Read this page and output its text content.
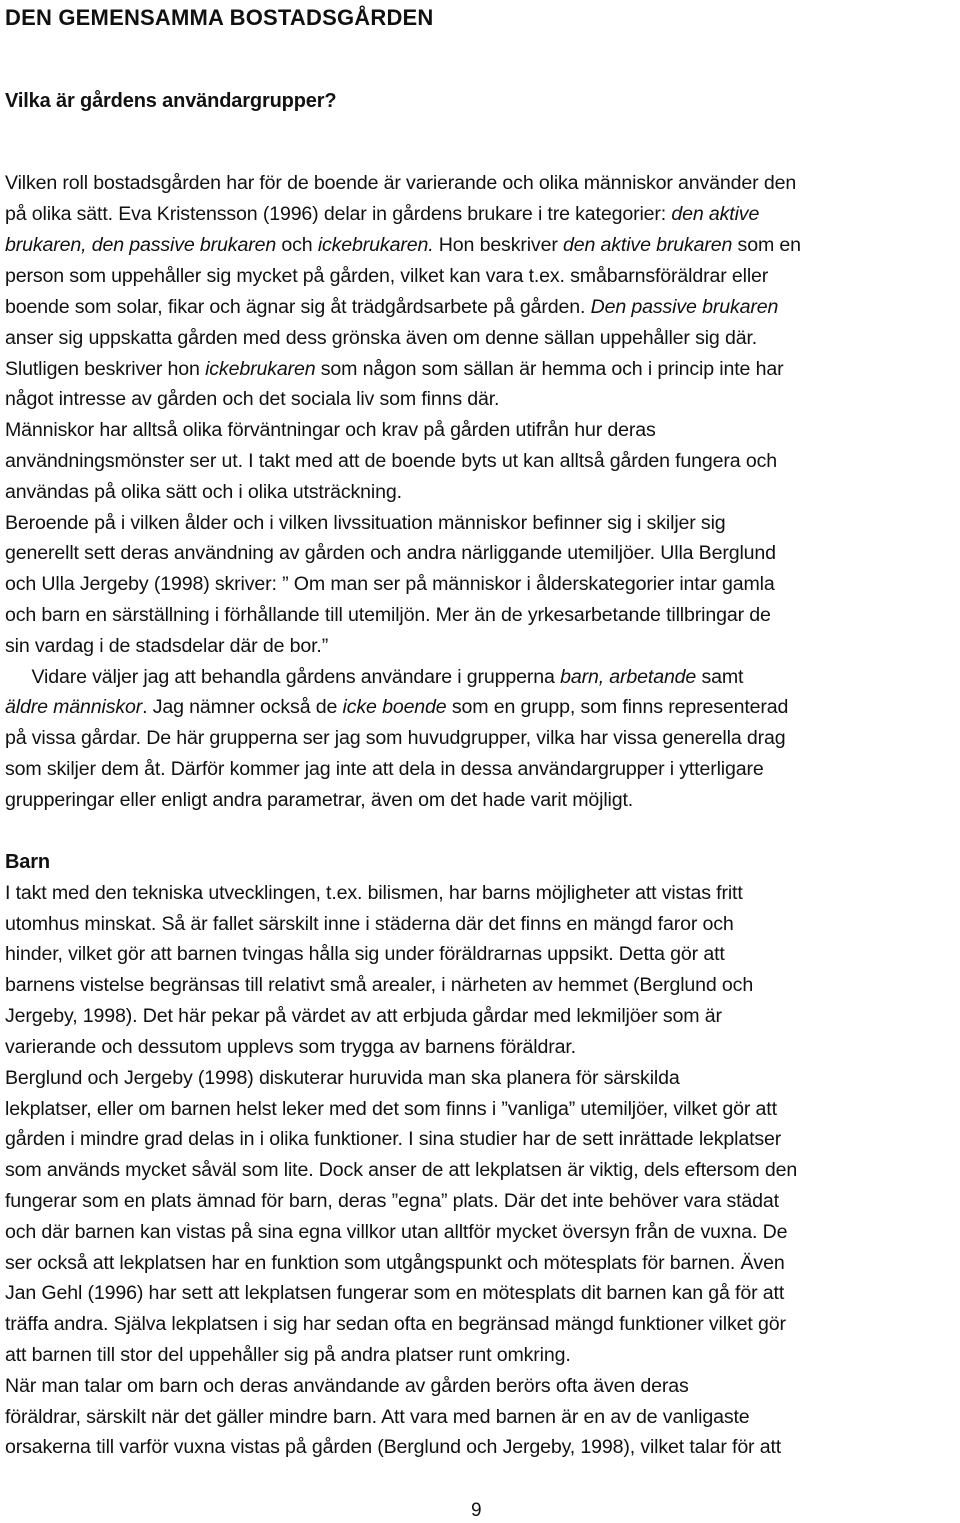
DEN GEMENSAMMA BOSTADSGÅRDEN
Vilka är gårdens användargrupper?
Vilken roll bostadsgården har för de boende är varierande och olika människor använder den
på olika sätt. Eva Kristensson (1996) delar in gårdens brukare i tre kategorier: den aktive
brukaren, den passive brukaren och ickebrukaren. Hon beskriver den aktive brukaren som en
person som uppehåller sig mycket på gården, vilket kan vara t.ex. småbarnsföräldrar eller
boende som solar, fikar och ägnar sig åt trädgårdsarbete på gården. Den passive brukaren
anser sig uppskatta gården med dess grönska även om denne sällan uppehåller sig där.
Slutligen beskriver hon ickebrukaren som någon som sällan är hemma och i princip inte har
något intresse av gården och det sociala liv som finns där.
Människor har alltså olika förväntningar och krav på gården utifrån hur deras
användningsmönster ser ut. I takt med att de boende byts ut kan alltså gården fungera och
användas på olika sätt och i olika utsträckning.
Beroende på i vilken ålder och i vilken livssituation människor befinner sig i skiljer sig
generellt sett deras användning av gården och andra närliggande utemiljöer. Ulla Berglund
och Ulla Jergeby (1998) skriver: ” Om man ser på människor i ålderskategorier intar gamla
och barn en särställning i förhållande till utemiljön. Mer än de yrkesarbetande tillbringar de
sin vardag i de stadsdelar där de bor.”
Vidare väljer jag att behandla gårdens användare i grupperna barn, arbetande samt
äldre människor. Jag nämner också de icke boende som en grupp, som finns representerad
på vissa gårdar. De här grupperna ser jag som huvudgrupper, vilka har vissa generella drag
som skiljer dem åt. Därför kommer jag inte att dela in dessa användargrupper i ytterligare
grupperingar eller enligt andra parametrar, även om det hade varit möjligt.
Barn
I takt med den tekniska utvecklingen, t.ex. bilismen, har barns möjligheter att vistas fritt
utomhus minskat. Så är fallet särskilt inne i städerna där det finns en mängd faror och
hinder, vilket gör att barnen tvingas hålla sig under föräldrarnas uppsikt. Detta gör att
barnens vistelse begränsas till relativt små arealer, i närheten av hemmet (Berglund och
Jergeby, 1998). Det här pekar på värdet av att erbjuda gårdar med lekmiljöer som är
varierande och dessutom upplevs som trygga av barnens föräldrar.
Berglund och Jergeby (1998) diskuterar huruvida man ska planera för särskilda
lekplatser, eller om barnen helst leker med det som finns i ”vanliga” utemiljöer, vilket gör att
gården i mindre grad delas in i olika funktioner. I sina studier har de sett inrättade lekplatser
som används mycket såväl som lite. Dock anser de att lekplatsen är viktig, dels eftersom den
fungerar som en plats ämnad för barn, deras ”egna” plats. Där det inte behöver vara städat
och där barnen kan vistas på sina egna villkor utan alltför mycket översyn från de vuxna. De
ser också att lekplatsen har en funktion som utgångspunkt och mötesplats för barnen. Även
Jan Gehl (1996) har sett att lekplatsen fungerar som en mötesplats dit barnen kan gå för att
träffa andra. Själva lekplatsen i sig har sedan ofta en begränsad mängd funktioner vilket gör
att barnen till stor del uppehåller sig på andra platser runt omkring.
När man talar om barn och deras användande av gården berörs ofta även deras
föräldrar, särskilt när det gäller mindre barn. Att vara med barnen är en av de vanligaste
orsakerna till varför vuxna vistas på gården (Berglund och Jergeby, 1998), vilket talar för att
9
